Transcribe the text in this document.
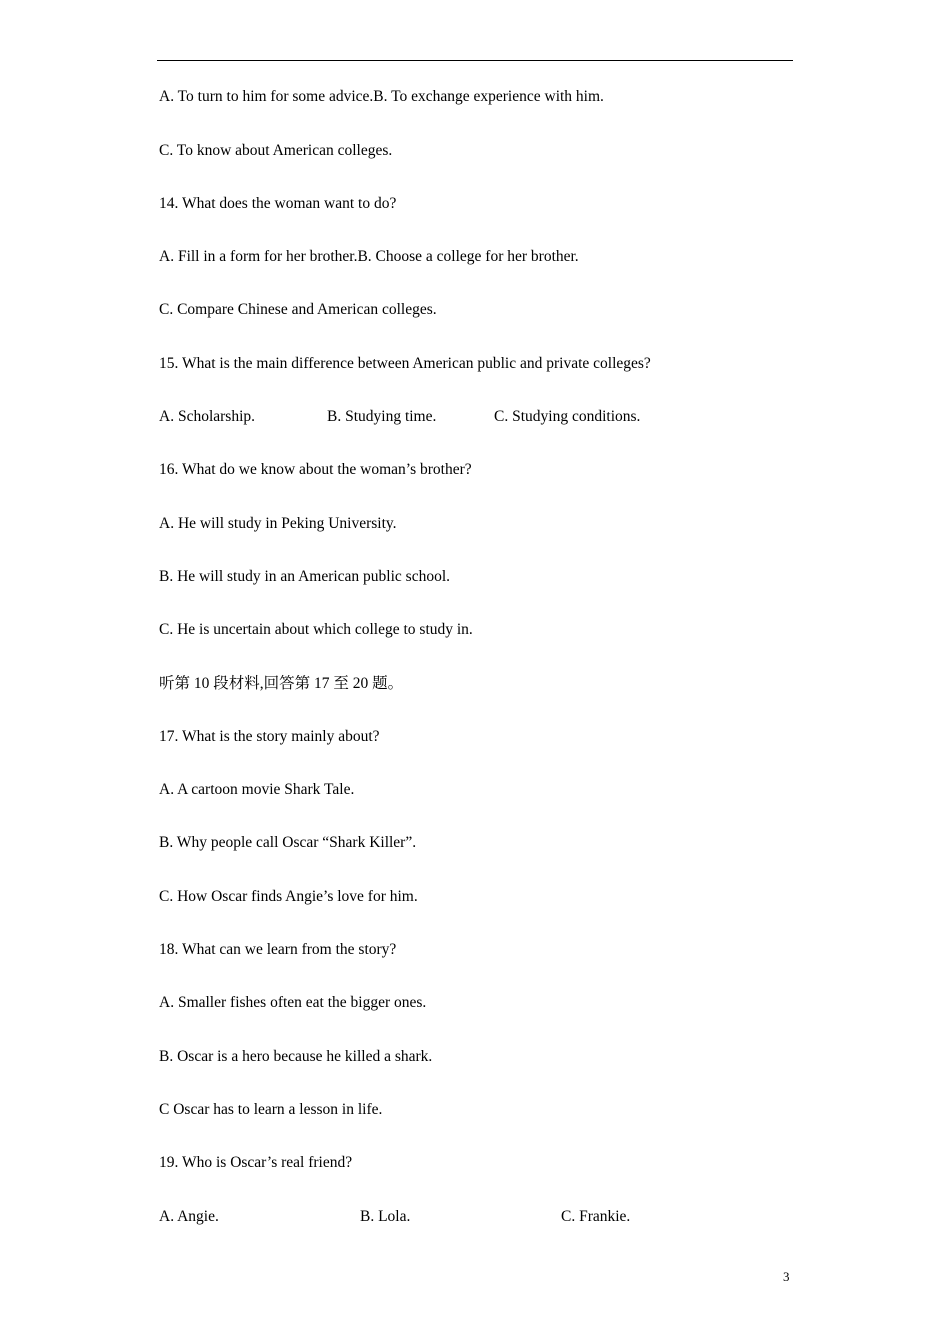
A. To turn to him for some advice.B. To exchange experience with him.
C. To know about American colleges.
14. What does the woman want to do?
A. Fill in a form for her brother.B. Choose a college for her brother.
C. Compare Chinese and American colleges.
15. What is the main difference between American public and private colleges?
A. Scholarship.	B. Studying time.	C. Studying conditions.
16. What do we know about the woman’s brother?
A. He will study in Peking University.
B. He will study in an American public school.
C. He is uncertain about which college to study in.
听第 10 段材料,回答第 17 至 20 题。
17. What is the story mainly about?
A. A cartoon movie Shark Tale.
B. Why people call Oscar “Shark Killer”.
C. How Oscar finds Angie’s love for him.
18. What can we learn from the story?
A. Smaller fishes often eat the bigger ones.
B. Oscar is a hero because he killed a shark.
C Oscar has to learn a lesson in life.
19. Who is Oscar’s real friend?
A. Angie.	B. Lola.	C. Frankie.
3
